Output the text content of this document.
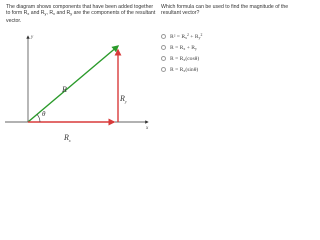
The diagram shows components that have been added together to form $R_x$ and $R_y$, $R_x$ and $R_y$ are the components of the resultant vector.

Which formula can be used to find the magnitude of the resultant vector?

$R^2 = R_x^2 + R_y^2$
$R = R_x + R_y$
$R = R_x(\cos\theta)$
$R = R_x(\sin\theta)$
y
x
R
$R_y$
$R_x$
θ
